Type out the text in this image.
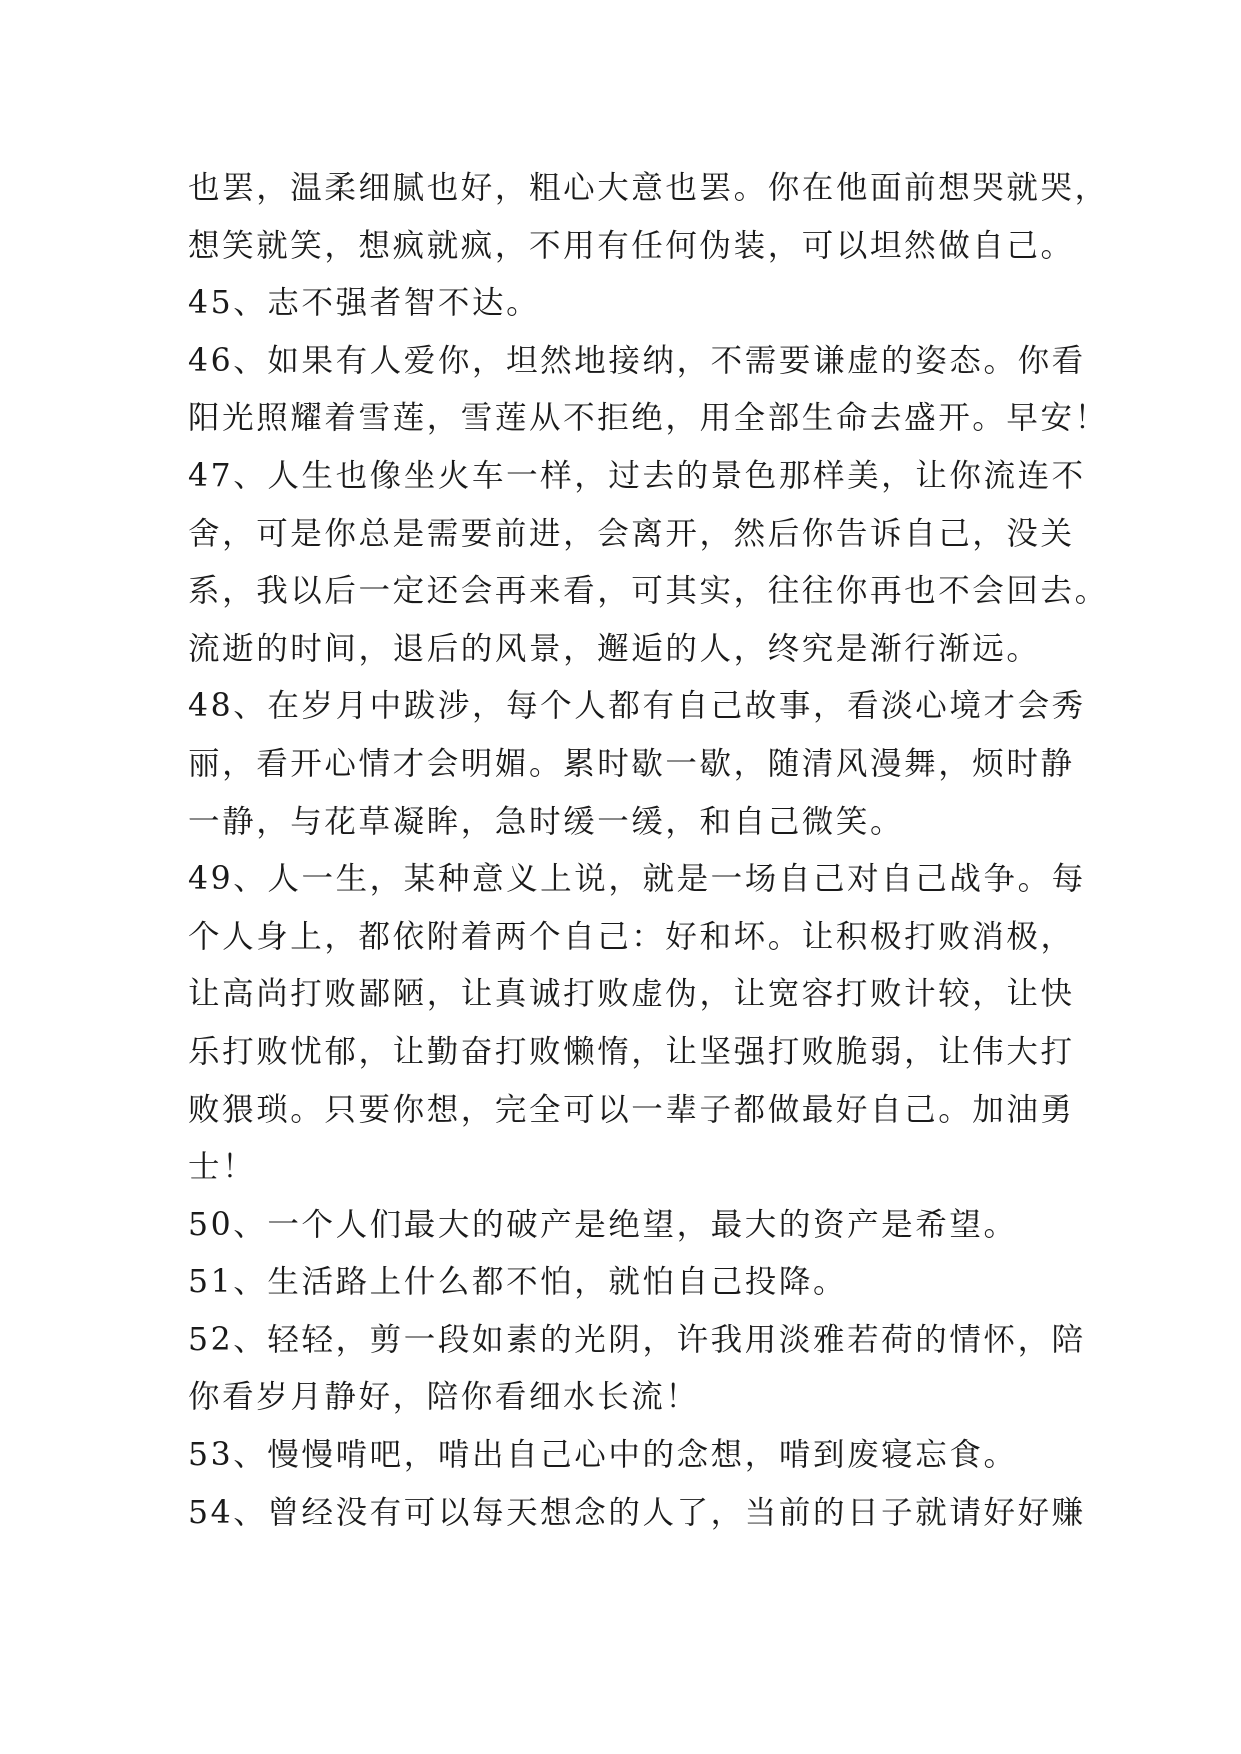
也罢，温柔细腻也好，粗心大意也罢。你在他面前想哭就哭，
想笑就笑，想疯就疯，不用有任何伪装，可以坦然做自己。
45、志不强者智不达。
46、如果有人爱你，坦然地接纳，不需要谦虚的姿态。你看
阳光照耀着雪莲，雪莲从不拒绝，用全部生命去盛开。早安！
47、人生也像坐火车一样，过去的景色那样美，让你流连不
舍，可是你总是需要前进，会离开，然后你告诉自己，没关
系，我以后一定还会再来看，可其实，往往你再也不会回去。
流逝的时间，退后的风景，邂逅的人，终究是渐行渐远。
48、在岁月中跋涉，每个人都有自己故事，看淡心境才会秀
丽，看开心情才会明媚。累时歇一歇，随清风漫舞，烦时静
一静，与花草凝眸，急时缓一缓，和自己微笑。
49、人一生，某种意义上说，就是一场自己对自己战争。每
个人身上，都依附着两个自己：好和坏。让积极打败消极，
让高尚打败鄙陋，让真诚打败虚伪，让宽容打败计较，让快
乐打败忧郁，让勤奋打败懒惰，让坚强打败脆弱，让伟大打
败猥琐。只要你想，完全可以一辈子都做最好自己。加油勇
士！
50、一个人们最大的破产是绝望，最大的资产是希望。
51、生活路上什么都不怕，就怕自己投降。
52、轻轻，剪一段如素的光阴，许我用淡雅若荷的情怀，陪
你看岁月静好，陪你看细水长流！
53、慢慢啃吧，啃出自己心中的念想，啃到废寝忘食。
54、曾经没有可以每天想念的人了，当前的日子就请好好赚
